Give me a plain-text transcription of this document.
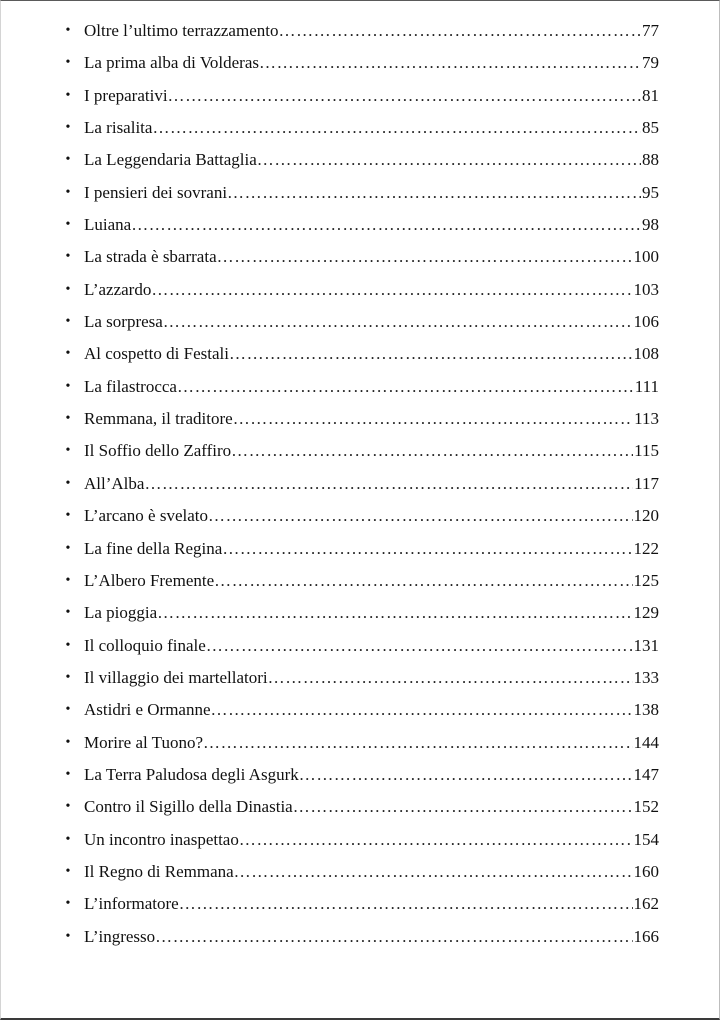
• Oltre l’ultimo terrazzamento …………………………………………………………………………………………………………………………………………………………	77
• La prima alba di Volderas …………………………………………………………………………………………………………………………………………………………	79
• I preparativi …………………………………………………………………………………………………………………………………………………………	81
• La risalita …………………………………………………………………………………………………………………………………………………………	85
• La Leggendaria Battaglia …………………………………………………………………………………………………………………………………………………………	88
• I pensieri dei sovrani …………………………………………………………………………………………………………………………………………………………	95
• Luiana …………………………………………………………………………………………………………………………………………………………	98
• La strada è sbarrata …………………………………………………………………………………………………………………………………………………………	100
• L’azzardo …………………………………………………………………………………………………………………………………………………………	103
• La sorpresa …………………………………………………………………………………………………………………………………………………………	106
• Al cospetto di Festali …………………………………………………………………………………………………………………………………………………………	108
• La filastrocca …………………………………………………………………………………………………………………………………………………………	111
• Remmana, il traditore …………………………………………………………………………………………………………………………………………………………	113
• Il Soffio dello Zaffiro …………………………………………………………………………………………………………………………………………………………	115
• All’Alba …………………………………………………………………………………………………………………………………………………………	117
• L’arcano è svelato …………………………………………………………………………………………………………………………………………………………	120
• La fine della Regina …………………………………………………………………………………………………………………………………………………………	122
• L’Albero Fremente …………………………………………………………………………………………………………………………………………………………	125
• La pioggia …………………………………………………………………………………………………………………………………………………………	129
• Il colloquio finale …………………………………………………………………………………………………………………………………………………………	131
• Il villaggio dei martellatori …………………………………………………………………………………………………………………………………………………………	133
• Astidri e Ormanne …………………………………………………………………………………………………………………………………………………………	138
• Morire al Tuono? …………………………………………………………………………………………………………………………………………………………	144
• La Terra Paludosa degli Asgurk …………………………………………………………………………………………………………………………………………………………	147
• Contro il Sigillo della Dinastia …………………………………………………………………………………………………………………………………………………………	152
• Un incontro inaspettao …………………………………………………………………………………………………………………………………………………………	154
• Il Regno di Remmana …………………………………………………………………………………………………………………………………………………………	160
• L’informatore …………………………………………………………………………………………………………………………………………………………	162
• L’ingresso …………………………………………………………………………………………………………………………………………………………	166
